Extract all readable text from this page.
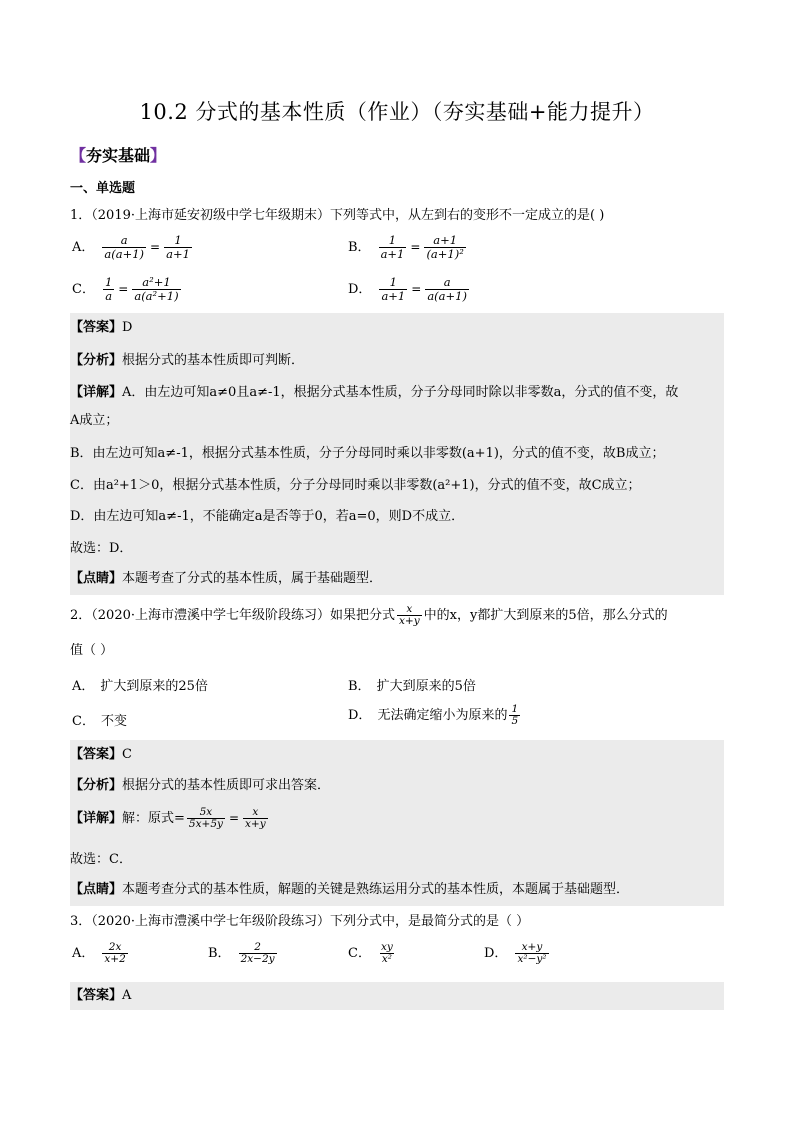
10.2 分式的基本性质（作业）（夯实基础+能力提升）
【夯实基础】
一、单选题
1．（2019·上海市延安初级中学七年级期末）下列等式中，从左到右的变形不一定成立的是( )
A． $\frac{a}{a(a+1)} = \frac{1}{a+1}$	B． $\frac{1}{a+1} = \frac{a+1}{\text{(a+1)²}}$
C． $\frac{1}{a} = \frac{\text{a²+1}}{\text{a(a²+1)}}$	D． $\frac{1}{a+1} = \frac{a}{a(a+1)}$
【答案】D
【分析】根据分式的基本性质即可判断．
【详解】A．由左边可知a≠0且a≠-1，根据分式基本性质，分子分母同时除以非零数a，分式的值不变，故
A成立；
B．由左边可知a≠-1，根据分式基本性质，分子分母同时乘以非零数(a+1)，分式的值不变，故B成立；
C．由a²+1＞0，根据分式基本性质，分子分母同时乘以非零数(a²+1)，分式的值不变，故C成立；
D．由左边可知a≠-1，不能确定a是否等于0，若a=0，则D不成立．
故选：D．
【点睛】本题考查了分式的基本性质，属于基础题型．
2．（2020·上海市澧溪中学七年级阶段练习）如果把分式 $\frac{x}{x+y}$ 中的x，y都扩大到原来的5倍，那么分式的
值（ ）
A． 扩大到原来的25倍	B． 扩大到原来的5倍
C． 不变	D． 无法确定缩小为原来的 $\frac{1}{5}$
【答案】C
【分析】根据分式的基本性质即可求出答案．
【详解】解：原式= $\frac{5x}{5x+5y} = \frac{x}{x+y}$
故选：C．
【点睛】本题考查分式的基本性质，解题的关键是熟练运用分式的基本性质，本题属于基础题型．
3．（2020·上海市澧溪中学七年级阶段练习）下列分式中，是最简分式的是（ ）
A． $\frac{2x}{x+2}$	B． $\frac{2}{2x-2y}$	C． $\frac{xy}{\text{x²}}$	D． $\frac{x+y}{\text{x²−y²}}$
【答案】A
